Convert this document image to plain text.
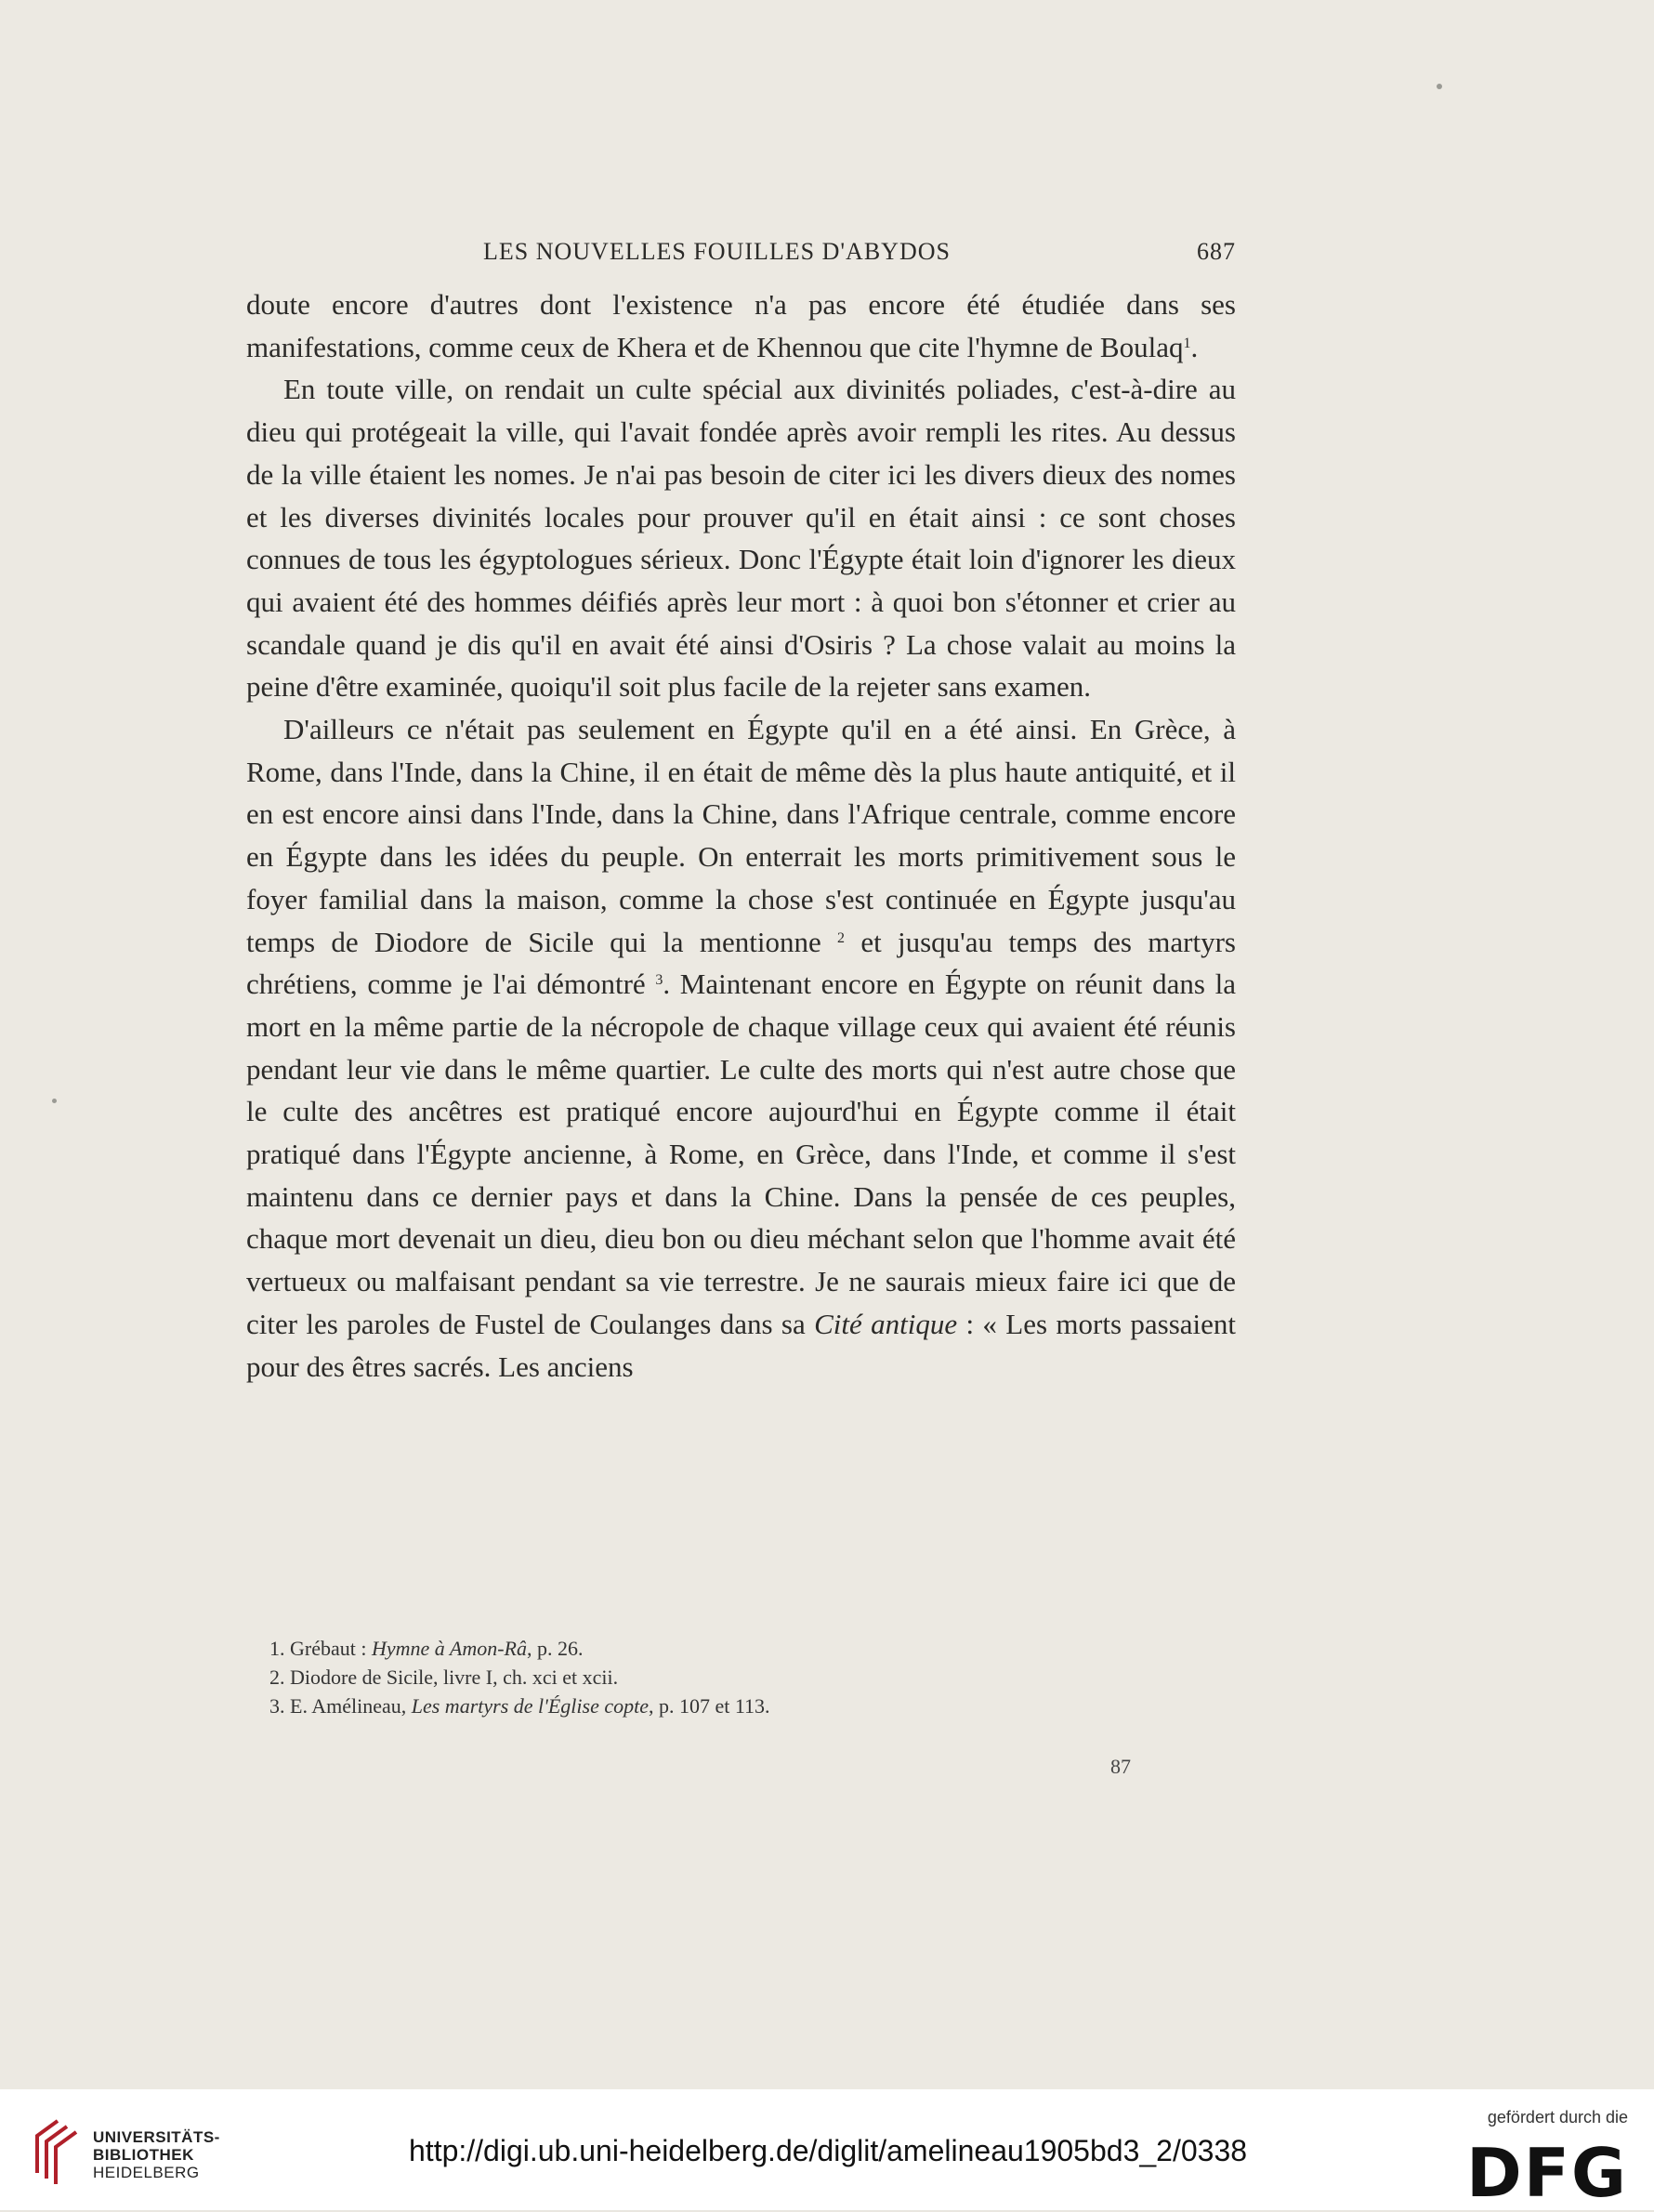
LES NOUVELLES FOUILLES D'ABYDOS	687

doute encore d'autres dont l'existence n'a pas encore été étudiée dans ses manifestations, comme ceux de Khera et de Khennou que cite l'hymne de Boulaq$^1$.

En toute ville, on rendait un culte spécial aux divinités poliades, c'est-à-dire au dieu qui protégeait la ville, qui l'avait fondée après avoir rempli les rites. Au dessus de la ville étaient les nomes. Je n'ai pas besoin de citer ici les divers dieux des nomes et les diverses divinités locales pour prouver qu'il en était ainsi : ce sont choses connues de tous les égyptologues sérieux. Donc l'Égypte était loin d'ignorer les dieux qui avaient été des hommes déifiés après leur mort : à quoi bon s'étonner et crier au scandale quand je dis qu'il en avait été ainsi d'Osiris ? La chose valait au moins la peine d'être examinée, quoiqu'il soit plus facile de la rejeter sans examen.

D'ailleurs ce n'était pas seulement en Égypte qu'il en a été ainsi. En Grèce, à Rome, dans l'Inde, dans la Chine, il en était de même dès la plus haute antiquité, et il en est encore ainsi dans l'Inde, dans la Chine, dans l'Afrique centrale, comme encore en Égypte dans les idées du peuple. On enterrait les morts primitivement sous le foyer familial dans la maison, comme la chose s'est continuée en Égypte jusqu'au temps de Diodore de Sicile qui la mentionne $^2$ et jusqu'au temps des martyrs chrétiens, comme je l'ai démontré $^3$. Maintenant encore en Égypte on réunit dans la mort en la même partie de la nécropole de chaque village ceux qui avaient été réunis pendant leur vie dans le même quartier. Le culte des morts qui n'est autre chose que le culte des ancêtres est pratiqué encore aujourd'hui en Égypte comme il était pratiqué dans l'Égypte ancienne, à Rome, en Grèce, dans l'Inde, et comme il s'est maintenu dans ce dernier pays et dans la Chine. Dans la pensée de ces peuples, chaque mort devenait un dieu, dieu bon ou dieu méchant selon que l'homme avait été vertueux ou malfaisant pendant sa vie terrestre. Je ne saurais mieux faire ici que de citer les paroles de Fustel de Coulanges dans sa Cité antique : « Les morts passaient pour des êtres sacrés. Les anciens

1. Grébaut : Hymne à Amon-Râ, p. 26.
2. Diodore de Sicile, livre I, ch. xci et xcii.
3. E. Amélineau, Les martyrs de l'Église copte, p. 107 et 113.
87
UNIVERSITÄTS-
BIBLIOTHEK
HEIDELBERG
http://digi.ub.uni-heidelberg.de/diglit/amelineau1905bd3_2/0338
gefördert durch die
DFG
